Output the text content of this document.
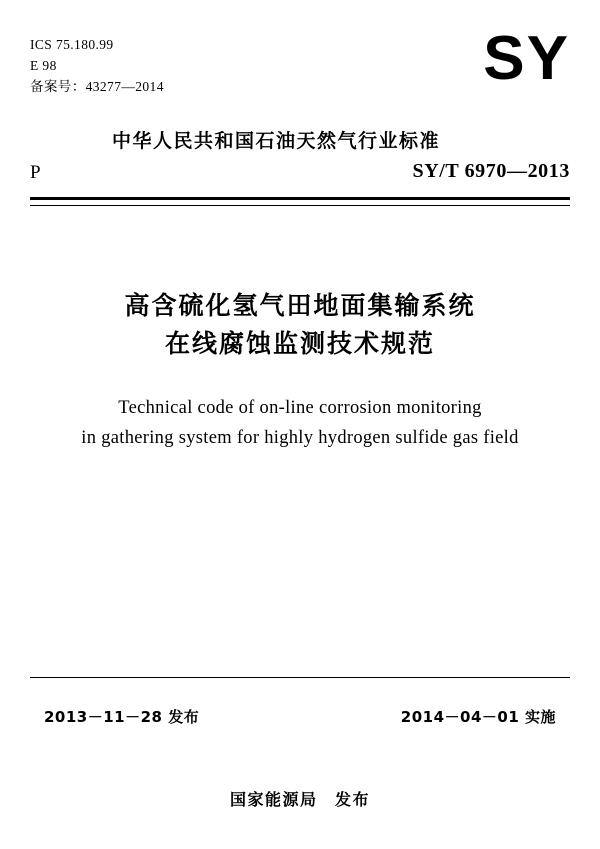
ICS 75.180.99
E 98
备案号：43277—2014	SY
中华人民共和国石油天然气行业标准
P	SY/T 6970—2013
高含硫化氢气田地面集输系统
在线腐蚀监测技术规范
Technical code of on-line corrosion monitoring
in gathering system for highly hydrogen sulfide gas field
2013－11－28 发布	2014－04－01 实施
国家能源局　发布
